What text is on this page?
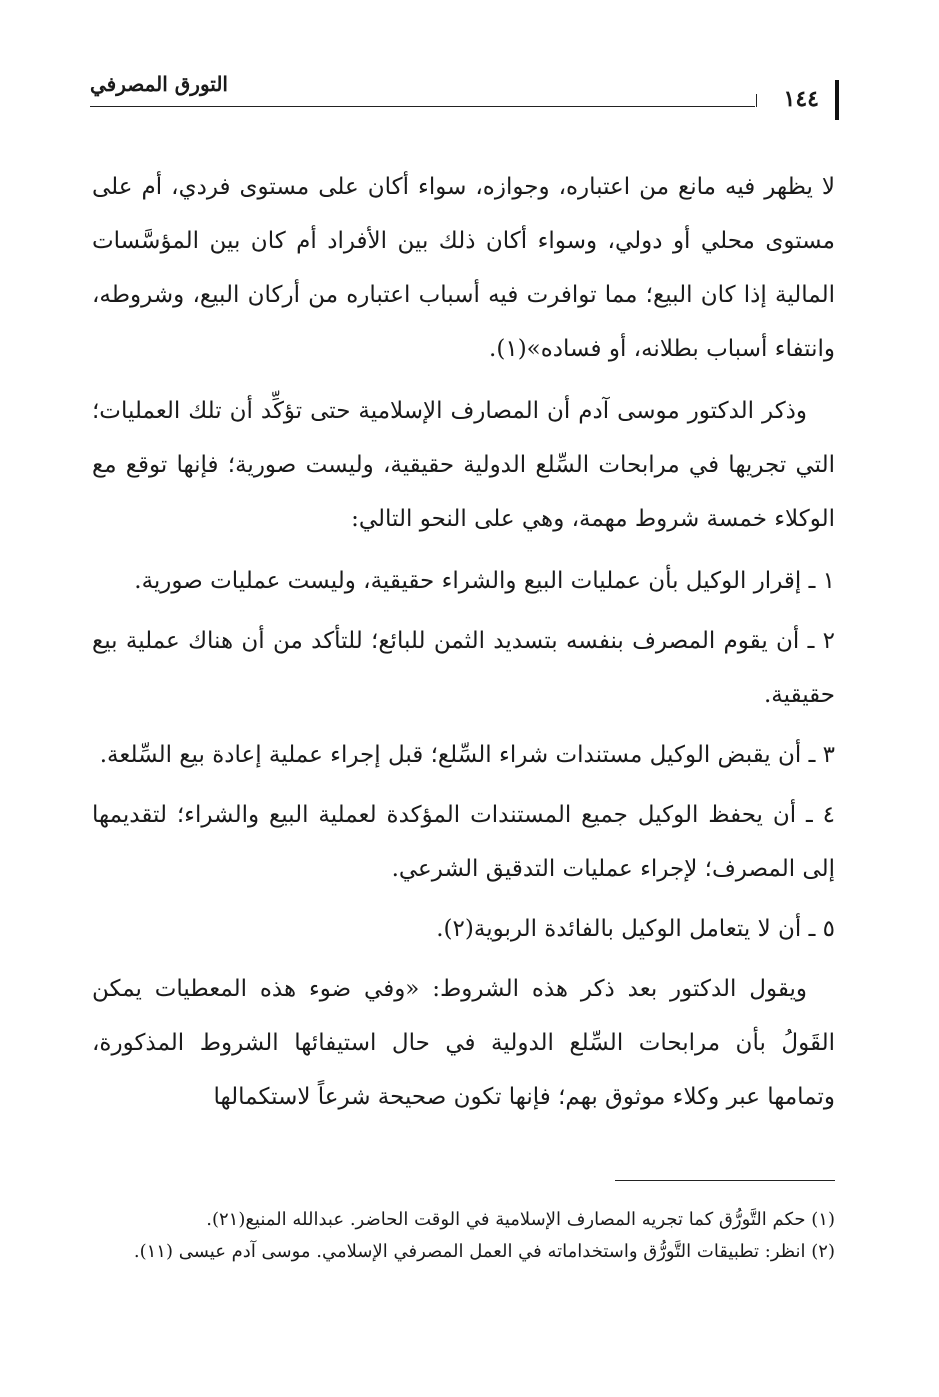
التورق المصرفي
١٤٤

لا يظهر فيه مانع من اعتباره، وجوازه، سواء أكان على مستوى فردي، أم على مستوى محلي أو دولي، وسواء أكان ذلك بين الأفراد أم كان بين المؤسَّسات المالية إذا كان البيع؛ مما توافرت فيه أسباب اعتباره من أركان البيع، وشروطه، وانتفاء أسباب بطلانه، أو فساده»(١).

وذكر الدكتور موسى آدم أن المصارف الإسلامية حتى تؤكِّد أن تلك العمليات؛ التي تجريها في مرابحات السِّلع الدولية حقيقية، وليست صورية؛ فإنها توقع مع الوكلاء خمسة شروط مهمة، وهي على النحو التالي:

١ ـ إقرار الوكيل بأن عمليات البيع والشراء حقيقية، وليست عمليات صورية.

٢ ـ أن يقوم المصرف بنفسه بتسديد الثمن للبائع؛ للتأكد من أن هناك عملية بيع حقيقية.

٣ ـ أن يقبض الوكيل مستندات شراء السِّلع؛ قبل إجراء عملية إعادة بيع السِّلعة.

٤ ـ أن يحفظ الوكيل جميع المستندات المؤكدة لعملية البيع والشراء؛ لتقديمها إلى المصرف؛ لإجراء عمليات التدقيق الشرعي.

٥ ـ أن لا يتعامل الوكيل بالفائدة الربوية(٢).

ويقول الدكتور بعد ذكر هذه الشروط: «وفي ضوء هذه المعطيات يمكن القَولُ بأن مرابحات السِّلع الدولية في حال استيفائها الشروط المذكورة، وتمامها عبر وكلاء موثوق بهم؛ فإنها تكون صحيحة شرعاً لاستكمالها

(١) حكم التَّورُّق كما تجريه المصارف الإسلامية في الوقت الحاضر. عبدالله المنيع(٢١).

(٢) انظر: تطبيقات التَّورُّق واستخداماته في العمل المصرفي الإسلامي. موسى آدم عيسى (١١).
